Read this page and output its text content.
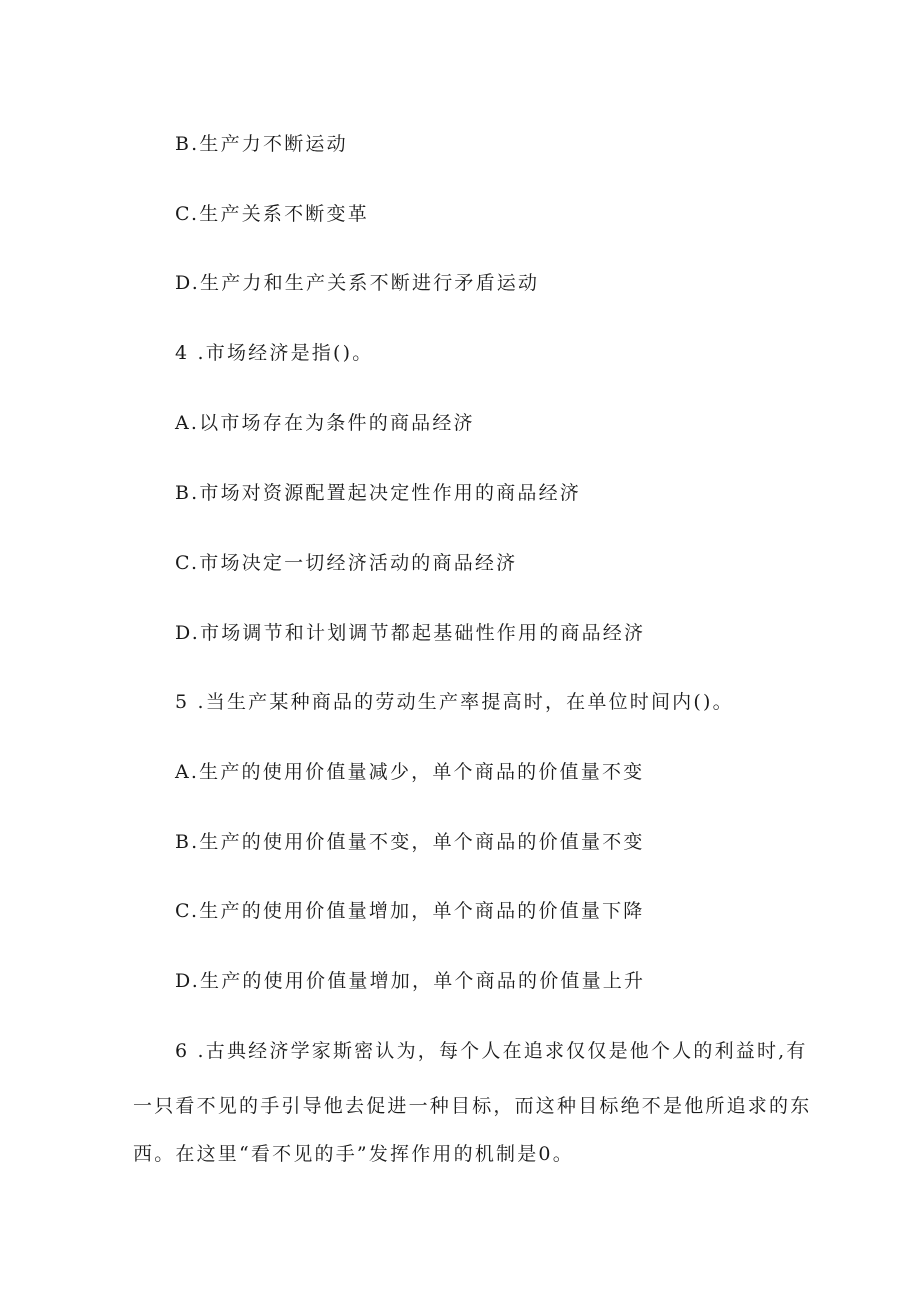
B.生产力不断运动
C.生产关系不断变革
D.生产力和生产关系不断进行矛盾运动
4 .市场经济是指()。
A.以市场存在为条件的商品经济
B.市场对资源配置起决定性作用的商品经济
C.市场决定一切经济活动的商品经济
D.市场调节和计划调节都起基础性作用的商品经济
5 .当生产某种商品的劳动生产率提高时，在单位时间内()。
A.生产的使用价值量减少，单个商品的价值量不变
B.生产的使用价值量不变，单个商品的价值量不变
C.生产的使用价值量增加，单个商品的价值量下降
D.生产的使用价值量增加，单个商品的价值量上升
6 .古典经济学家斯密认为，每个人在追求仅仅是他个人的利益时,有
一只看不见的手引导他去促进一种目标，而这种目标绝不是他所追求的东
西。在这里“看不见的手”发挥作用的机制是0。
